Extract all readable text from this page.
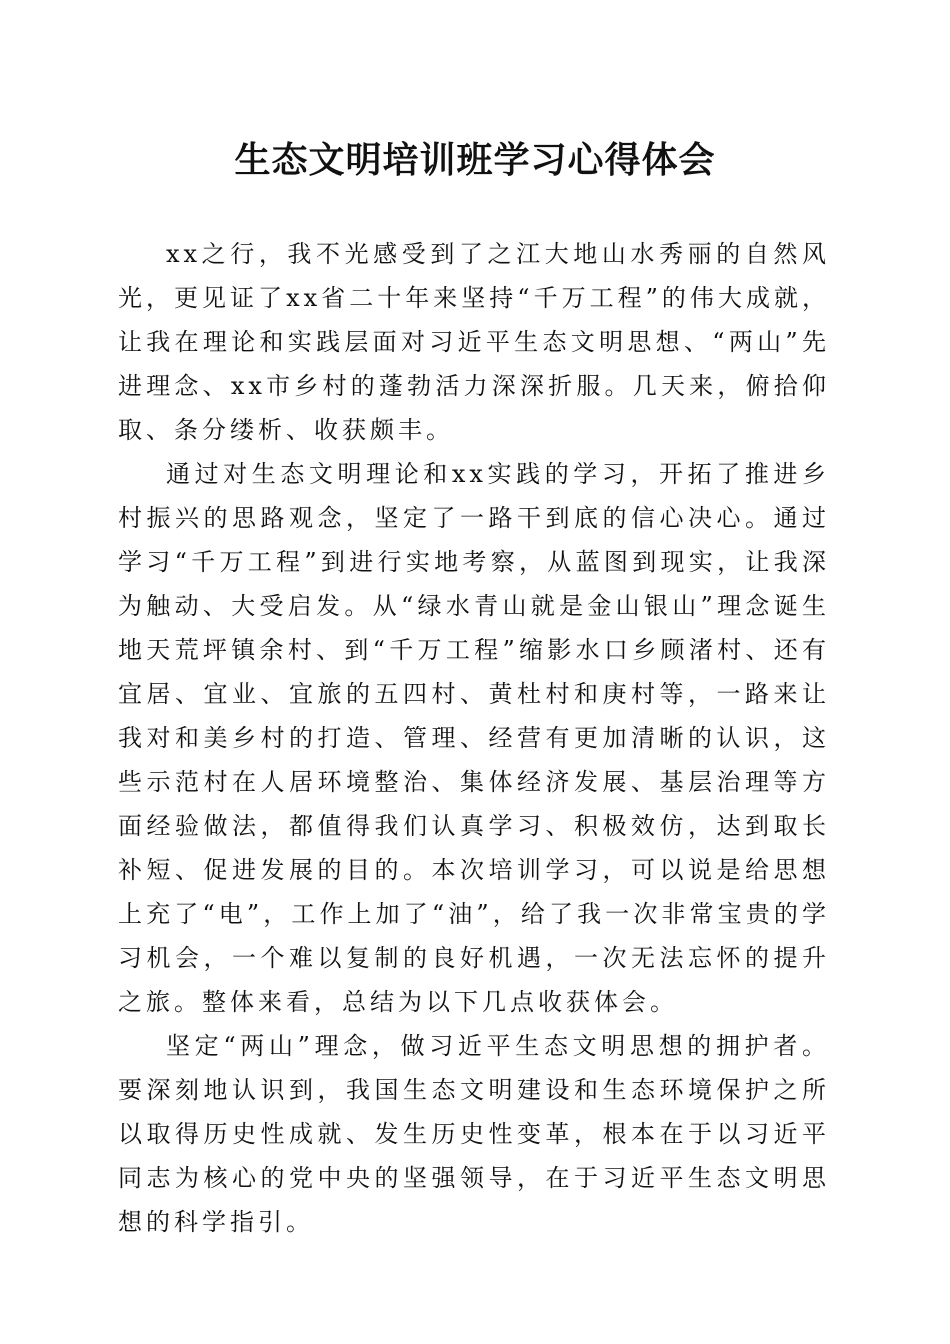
生态文明培训班学习心得体会

xx之行，我不光感受到了之江大地山水秀丽的自然风光，更见证了xx省二十年来坚持“千万工程”的伟大成就，让我在理论和实践层面对习近平生态文明思想、“两山”先进理念、xx市乡村的蓬勃活力深深折服。几天来，俯拾仰取、条分缕析、收获颇丰。

通过对生态文明理论和xx实践的学习，开拓了推进乡村振兴的思路观念，坚定了一路干到底的信心决心。通过学习“千万工程”到进行实地考察，从蓝图到现实，让我深为触动、大受启发。从“绿水青山就是金山银山”理念诞生地天荒坪镇余村、到“千万工程”缩影水口乡顾渚村、还有宜居、宜业、宜旅的五四村、黄杜村和庚村等，一路来让我对和美乡村的打造、管理、经营有更加清晰的认识，这些示范村在人居环境整治、集体经济发展、基层治理等方面经验做法，都值得我们认真学习、积极效仿，达到取长补短、促进发展的目的。本次培训学习，可以说是给思想上充了“电”，工作上加了“油”，给了我一次非常宝贵的学习机会，一个难以复制的良好机遇，一次无法忘怀的提升之旅。整体来看，总结为以下几点收获体会。

坚定“两山”理念，做习近平生态文明思想的拥护者。要深刻地认识到，我国生态文明建设和生态环境保护之所以取得历史性成就、发生历史性变革，根本在于以习近平同志为核心的党中央的坚强领导，在于习近平生态文明思想的科学指引。
